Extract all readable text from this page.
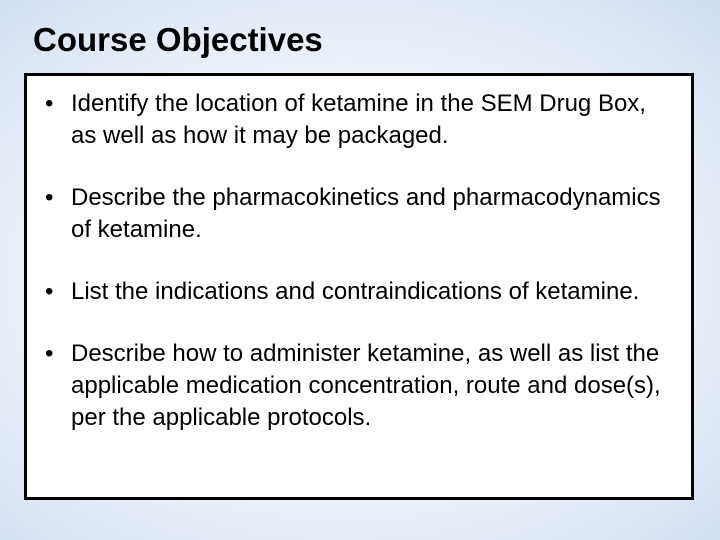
Course Objectives
• Identify the location of ketamine in the SEM Drug Box, as well as how it may be packaged.
• Describe the pharmacokinetics and pharmacodynamics of ketamine.
• List the indications and contraindications of ketamine.
• Describe how to administer ketamine, as well as list the applicable medication concentration, route and dose(s), per the applicable protocols.
